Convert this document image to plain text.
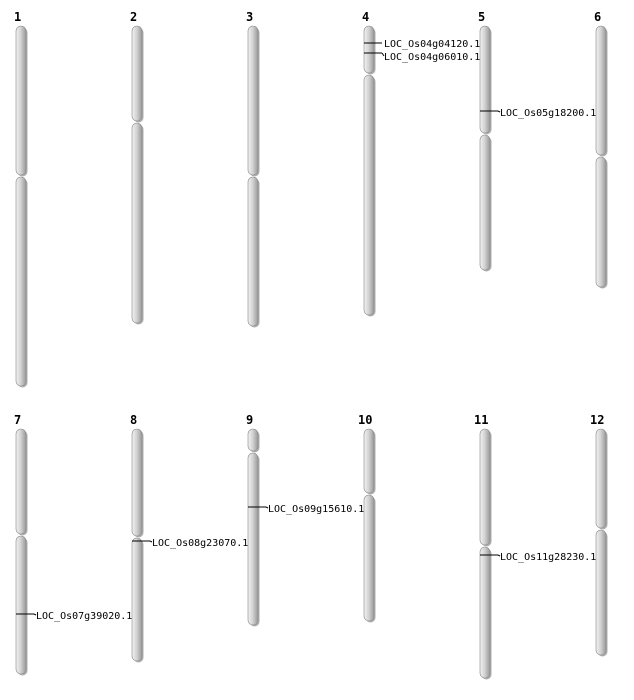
1	2	3	4	5	6
7	8	9	10	11	12
LOC_Os04g04120.1
LOC_Os04g06010.1
LOC_Os05g18200.1
LOC_Os07g39020.1
LOC_Os08g23070.1
LOC_Os09g15610.1
LOC_Os11g28230.1
